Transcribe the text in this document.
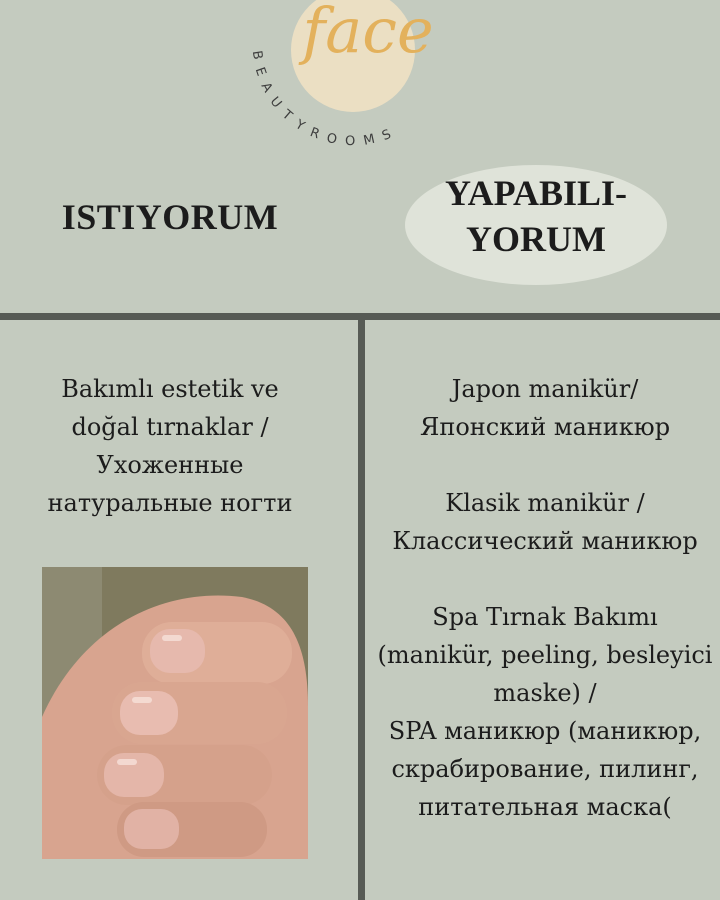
face
BEAUTYROOMS
ISTIYORUM
YAPABILI-
YORUM
Bakımlı estetik ve
doğal tırnaklar /
Ухоженные
натуральные ногти
Japon manikür/
Японский маникюр
Klasik manikür /
Классический маникюр
Spa Tırnak Bakımı
(manikür, peeling, besleyici
maske) /
SPA маникюр (маникюр,
скрабирование, пилинг,
питательная маска(
